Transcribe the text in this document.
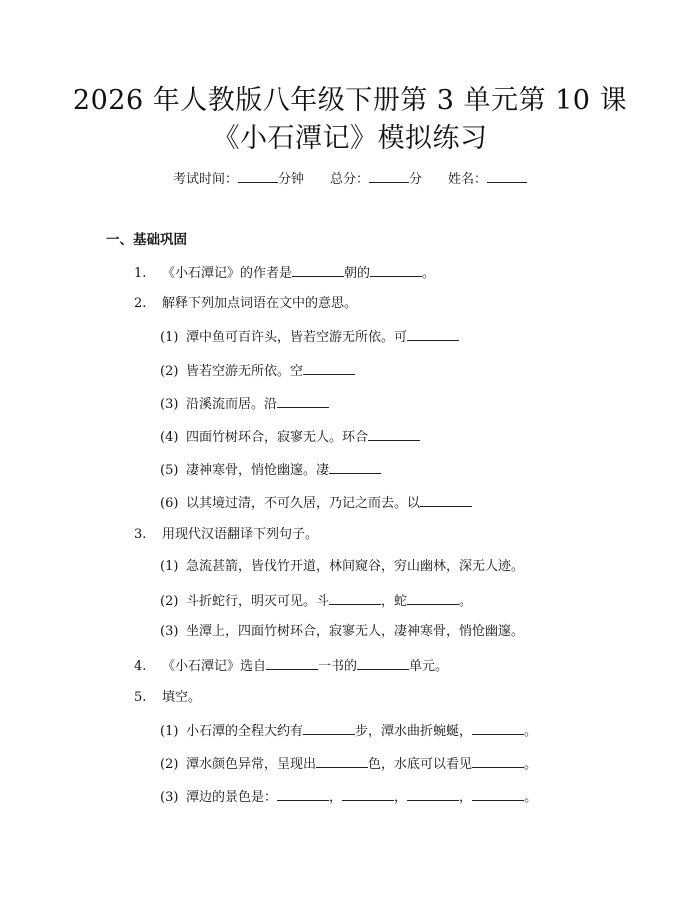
2026 年人教版八年级下册第 3 单元第 10 课
《小石潭记》模拟练习
考试时间：	分钟 总分：	分 姓名：
一、基础巩固
1. 《小石潭记》的作者是	朝的	。
2. 解释下列加点词语在文中的意思。
(1) 潭中鱼可百许头，皆若空游无所依。可
(2) 皆若空游无所依。空
(3) 沿溪流而居。沿
(4) 四面竹树环合，寂寥无人。环合
(5) 凄神寒骨，悄怆幽邃。凄
(6) 以其境过清，不可久居，乃记之而去。以
3. 用现代汉语翻译下列句子。
(1) 急流甚箭，皆伐竹开道，林间窥谷，穷山幽林，深无人迹。
(2) 斗折蛇行，明灭可见。斗	，蛇	。
(3) 坐潭上，四面竹树环合，寂寥无人，凄神寒骨，悄怆幽邃。
4. 《小石潭记》选自	一书的	单元。
5. 填空。
(1) 小石潭的全程大约有	步，潭水曲折蜿蜒，	。
(2) 潭水颜色异常，呈现出	色，水底可以看见	。
(3) 潭边的景色是：	，	，	，	。
